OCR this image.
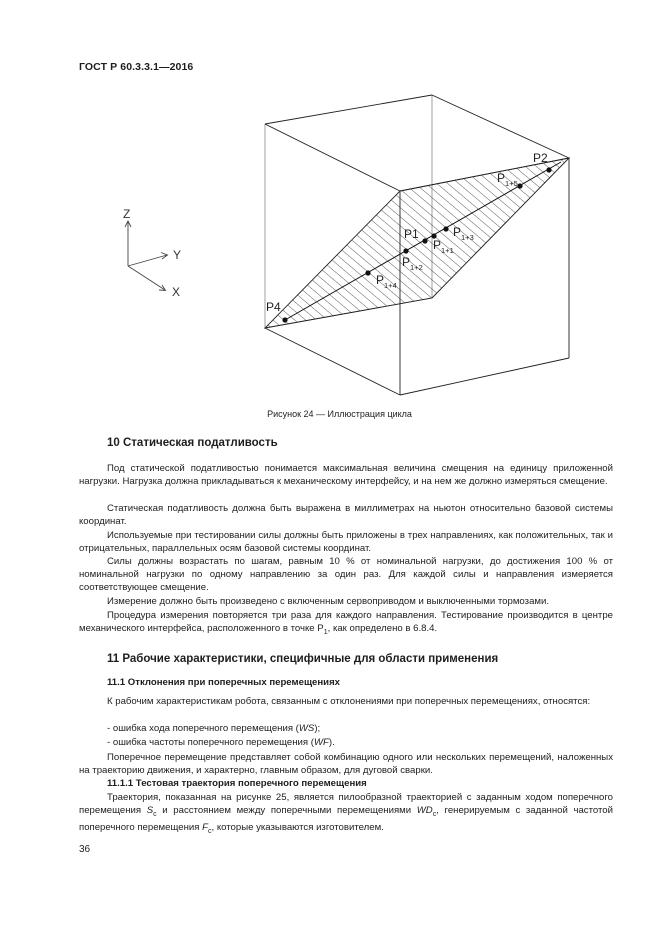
ГОСТ Р 60.3.3.1—2016
P2
P4
P1
$P_{1+5}$
$P_{1+3}$
$P_{1+1}$
$P_{1+2}$
$P_{1+4}$
Z
Y
X
Рисунок 24 — Иллюстрация цикла
10 Статическая податливость
Под статической податливостью понимается максимальная величина смещения на единицу приложенной нагрузки. Нагрузка должна прикладываться к механическому интерфейсу, и на нем же должно измеряться смещение.
Статическая податливость должна быть выражена в миллиметрах на ньютон относительно базовой системы координат.
Используемые при тестировании силы должны быть приложены в трех направлениях, как положительных, так и отрицательных, параллельных осям базовой системы координат.
Силы должны возрастать по шагам, равным 10 % от номинальной нагрузки, до достижения 100 % от номинальной нагрузки по одному направлению за один раз. Для каждой силы и направления измеряется соответствующее смещение.
Измерение должно быть произведено с включенным сервоприводом и выключенными тормозами.
Процедура измерения повторяется три раза для каждого направления. Тестирование производится в центре механического интерфейса, расположенного в точке $P_1$, как определено в 6.8.4.
11 Рабочие характеристики, специфичные для области применения
11.1 Отклонения при поперечных перемещениях
К рабочим характеристикам робота, связанным с отклонениями при поперечных перемещениях, относятся:
- ошибка хода поперечного перемещения (WS);
- ошибка частоты поперечного перемещения (WF).
Поперечное перемещение представляет собой комбинацию одного или нескольких перемещений, наложенных на траекторию движения, и характерно, главным образом, для дуговой сварки.
11.1.1 Тестовая траектория поперечного перемещения
Траектория, показанная на рисунке 25, является пилообразной траекторией с заданным ходом поперечного перемещения $S_c$ и расстоянием между поперечными перемещениями $WD_c$, генерируемым с заданной частотой поперечного перемещения $F_c$, которые указываются изготовителем.
36
